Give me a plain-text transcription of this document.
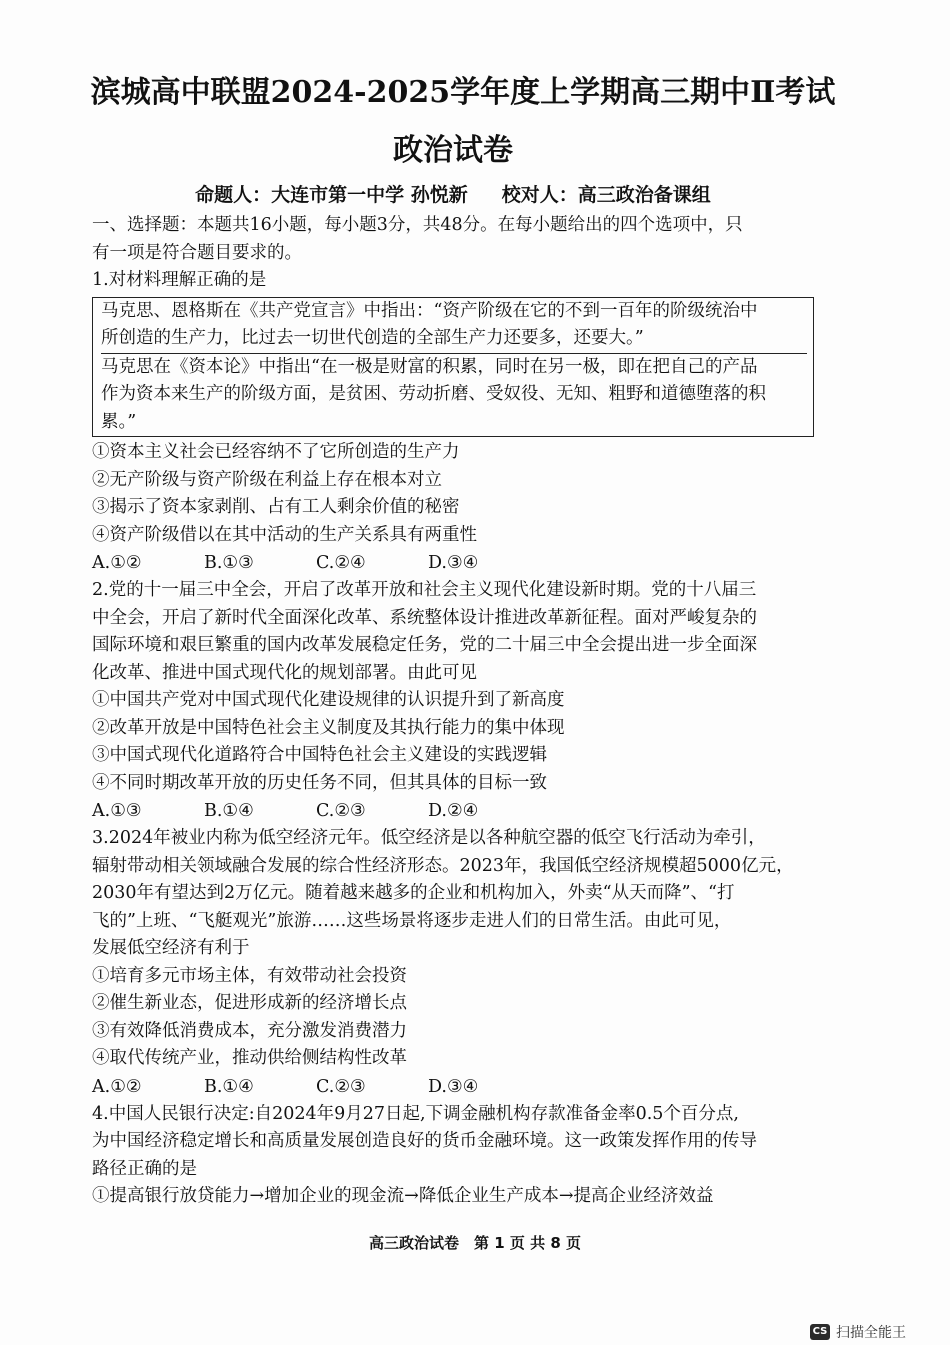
滨城高中联盟2024-2025学年度上学期高三期中Ⅱ考试
政治试卷
命题人：大连市第一中学 孙悦新 校对人：高三政治备课组
一、选择题：本题共16小题，每小题3分，共48分。在每小题给出的四个选项中，只
有一项是符合题目要求的。
1.对材料理解正确的是
马克思、恩格斯在《共产党宣言》中指出：“资产阶级在它的不到一百年的阶级统治中
所创造的生产力，比过去一切世代创造的全部生产力还要多，还要大。”
马克思在《资本论》中指出“在一极是财富的积累，同时在另一极，即在把自己的产品
作为资本来生产的阶级方面，是贫困、劳动折磨、受奴役、无知、粗野和道德堕落的积
累。”
①资本主义社会已经容纳不了它所创造的生产力
②无产阶级与资产阶级在利益上存在根本对立
③揭示了资本家剥削、占有工人剩余价值的秘密
④资产阶级借以在其中活动的生产关系具有两重性
A.①②	B.①③	C.②④	D.③④
2.党的十一届三中全会，开启了改革开放和社会主义现代化建设新时期。党的十八届三
中全会，开启了新时代全面深化改革、系统整体设计推进改革新征程。面对严峻复杂的
国际环境和艰巨繁重的国内改革发展稳定任务，党的二十届三中全会提出进一步全面深
化改革、推进中国式现代化的规划部署。由此可见
①中国共产党对中国式现代化建设规律的认识提升到了新高度
②改革开放是中国特色社会主义制度及其执行能力的集中体现
③中国式现代化道路符合中国特色社会主义建设的实践逻辑
④不同时期改革开放的历史任务不同，但其具体的目标一致
A.①③	B.①④	C.②③	D.②④
3.2024年被业内称为低空经济元年。低空经济是以各种航空器的低空飞行活动为牵引，
辐射带动相关领域融合发展的综合性经济形态。2023年，我国低空经济规模超5000亿元，
2030年有望达到2万亿元。随着越来越多的企业和机构加入，外卖“从天而降”、“打
飞的”上班、“飞艇观光”旅游……这些场景将逐步走进人们的日常生活。由此可见，
发展低空经济有利于
①培育多元市场主体，有效带动社会投资
②催生新业态，促进形成新的经济增长点
③有效降低消费成本，充分激发消费潜力
④取代传统产业，推动供给侧结构性改革
A.①②	B.①④	C.②③	D.③④
4.中国人民银行决定:自2024年9月27日起,下调金融机构存款准备金率0.5个百分点,
为中国经济稳定增长和高质量发展创造良好的货币金融环境。这一政策发挥作用的传导
路径正确的是
①提高银行放贷能力→增加企业的现金流→降低企业生产成本→提高企业经济效益
高三政治试卷　第 1 页 共 8 页
CS 扫描全能王
